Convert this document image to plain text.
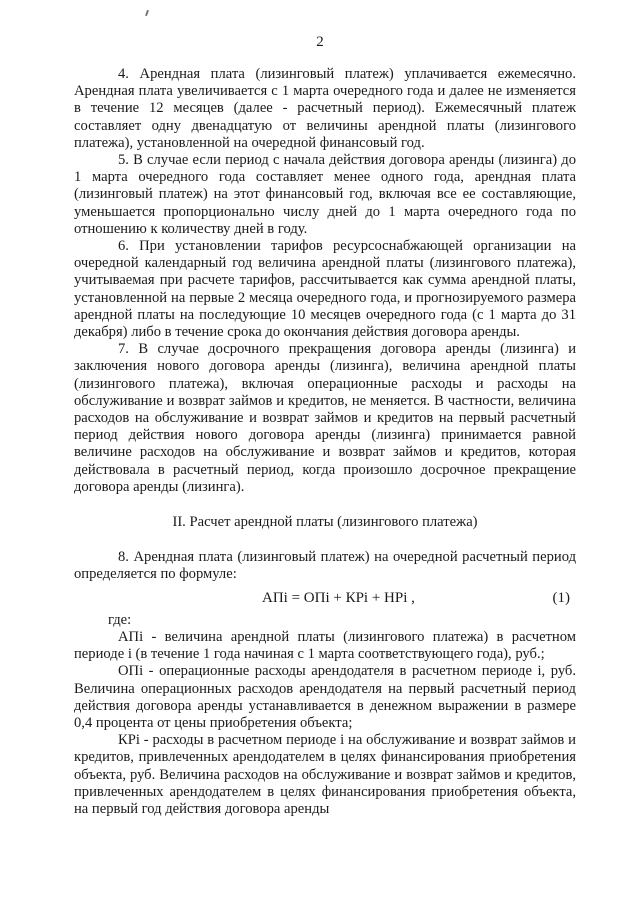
2

4. Арендная плата (лизинговый платеж) уплачивается ежемесячно. Арендная плата увеличивается с 1 марта очередного года и далее не изменяется в течение 12 месяцев (далее - расчетный период). Ежемесячный платеж составляет одну двенадцатую от величины арендной платы (лизингового платежа), установленной на очередной финансовый год.

5. В случае если период с начала действия договора аренды (лизинга) до 1 марта очередного года составляет менее одного года, арендная плата (лизинговый платеж) на этот финансовый год, включая все ее составляющие, уменьшается пропорционально числу дней до 1 марта очередного года по отношению к количеству дней в году.

6. При установлении тарифов ресурсоснабжающей организации на очередной календарный год величина арендной платы (лизингового платежа), учитываемая при расчете тарифов, рассчитывается как сумма арендной платы, установленной на первые 2 месяца очередного года, и прогнозируемого размера арендной платы на последующие 10 месяцев очередного года (с 1 марта до 31 декабря) либо в течение срока до окончания действия договора аренды.

7. В случае досрочного прекращения договора аренды (лизинга) и заключения нового договора аренды (лизинга), величина арендной платы (лизингового платежа), включая операционные расходы и расходы на обслуживание и возврат займов и кредитов, не меняется. В частности, величина расходов на обслуживание и возврат займов и кредитов на первый расчетный период действия нового договора аренды (лизинга) принимается равной величине расходов на обслуживание и возврат займов и кредитов, которая действовала в расчетный период, когда произошло досрочное прекращение договора аренды (лизинга).

II. Расчет арендной платы (лизингового платежа)

8. Арендная плата (лизинговый платеж) на очередной расчетный период определяется по формуле:

АПi = ОПi + КРi + НРi ,	(1)

где:

АПi - величина арендной платы (лизингового платежа) в расчетном периоде i (в течение 1 года начиная с 1 марта соответствующего года), руб.;

ОПi - операционные расходы арендодателя в расчетном периоде i, руб. Величина операционных расходов арендодателя на первый расчетный период действия договора аренды устанавливается в денежном выражении в размере 0,4 процента от цены приобретения объекта;

КРi - расходы в расчетном периоде i на обслуживание и возврат займов и кредитов, привлеченных арендодателем в целях финансирования приобретения объекта, руб. Величина расходов на обслуживание и возврат займов и кредитов, привлеченных арендодателем в целях финансирования приобретения объекта, на первый год действия договора аренды
